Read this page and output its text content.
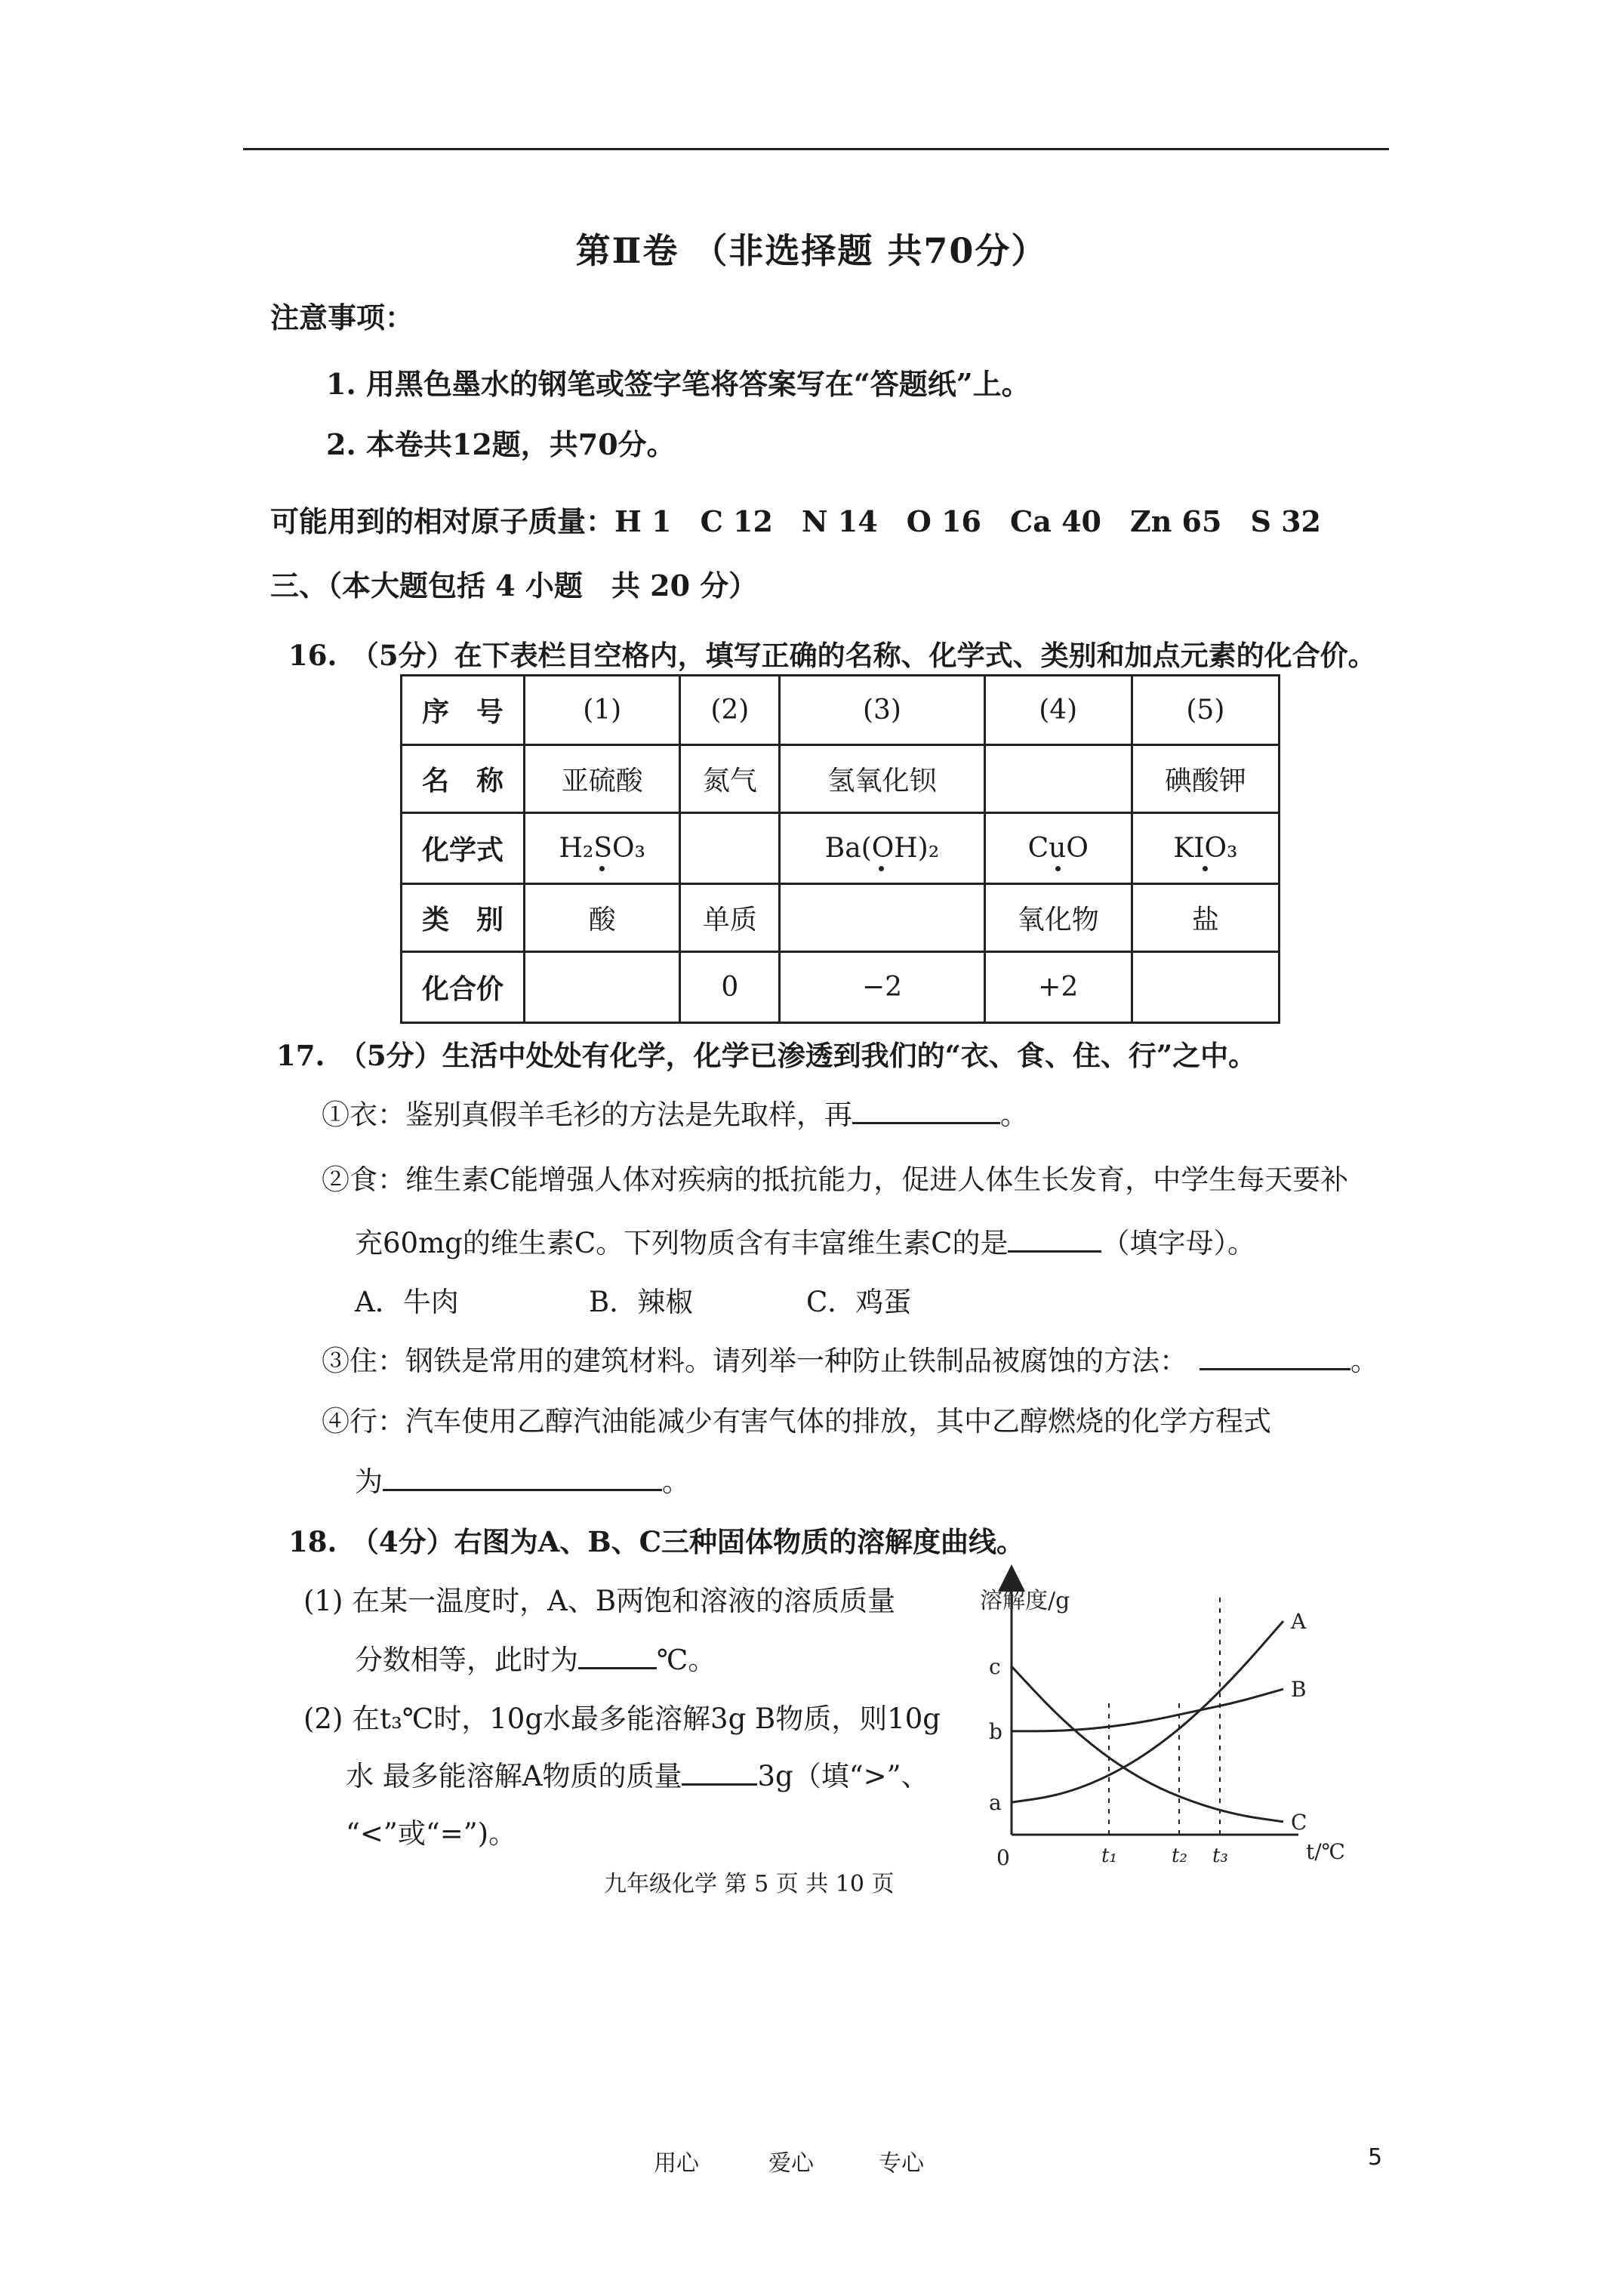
第Ⅱ卷 （非选择题 共70分）
注意事项：
1. 用黑色墨水的钢笔或签字笔将答案写在“答题纸”上。
2. 本卷共12题，共70分。
可能用到的相对原子质量：H 1　C 12　N 14　O 16　Ca 40　Zn 65　S 32
三、（本大题包括 4 小题　共 20 分）
16.　（5分）在下表栏目空格内，填写正确的名称、化学式、类别和加点元素的化合价。
序　号	(1)	(2)	(3)	(4)	(5)
名　称	亚硫酸	氮气	氢氧化钡		碘酸钾
化学式	H₂SO₃		Ba(OH)₂	CuO	KIO₃
类　别	酸	单质		氧化物	盐
化合价		0	−2	+2	
17.　（5分）生活中处处有化学，化学已渗透到我们的“衣、食、住、行”之中。
①衣：鉴别真假羊毛衫的方法是先取样，再	。
②食：维生素C能增强人体对疾病的抵抗能力，促进人体生长发育，中学生每天要补
充60mg的维生素C。下列物质含有丰富维生素C的是	（填字母）。
A．牛肉	B．辣椒	C．鸡蛋
③住：钢铁是常用的建筑材料。请列举一种防止铁制品被腐蚀的方法：	。
④行：汽车使用乙醇汽油能减少有害气体的排放，其中乙醇燃烧的化学方程式
为	。
18.　（4分）右图为A、B、C三种固体物质的溶解度曲线。
(1) 在某一温度时，A、B两饱和溶液的溶质质量
分数相等，此时为	℃。
(2) 在t₃℃时，10g水最多能溶解3g B物质，则10g
水 最多能溶解A物质的质量	3g（填“>”、
“<”或“=”)。
溶解度/g
t/℃
0
a
b
c
t₁	t₂ t₃
A
B
C
九年级化学 第 5 页 共 10 页
用心	爱心	专心	5
